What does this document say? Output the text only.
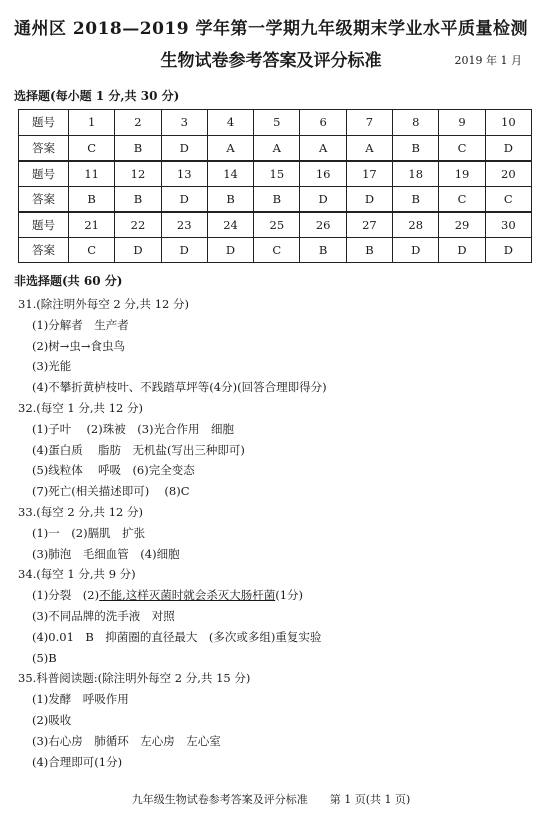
通州区 2018—2019 学年第一学期九年级期末学业水平质量检测
生物试卷参考答案及评分标准	2019 年 1 月
选择题(每小题 1 分,共 30 分)
题号	1	2	3	4	5	6	7	8	9	10
答案	C	B	D	A	A	A	A	B	C	D
题号	11	12	13	14	15	16	17	18	19	20
答案	B	B	D	B	B	D	D	B	C	C
题号	21	22	23	24	25	26	27	28	29	30
答案	C	D	D	D	C	B	B	D	D	D
非选择题(共 60 分)
31.(除注明外每空 2 分,共 12 分)
(1)分解者　生产者
(2)树→虫→食虫鸟
(3)光能
(4)不攀折黄栌枝叶、不践踏草坪等(4分)(回答合理即得分)
32.(每空 1 分,共 12 分)
(1)子叶　 (2)珠被　(3)光合作用　细胞
(4)蛋白质　 脂肪　无机盐(写出三种即可)
(5)线粒体　 呼吸　(6)完全变态
(7)死亡(相关描述即可)　 (8)C
33.(每空 2 分,共 12 分)
(1)一　(2)膈肌　扩张
(3)肺泡　毛细血管　(4)细胞
34.(每空 1 分,共 9 分)
(1)分裂　(2)不能,这样灭菌时就会杀灭大肠杆菌(1分)
(3)不同品牌的洗手液　对照
(4)0.01　B　抑菌圈的直径最大　(多次或多组)重复实验
(5)B
35.科普阅读题:(除注明外每空 2 分,共 15 分)
(1)发酵　呼吸作用
(2)吸收
(3)右心房　肺循环　左心房　左心室
(4)合理即可(1分)
九年级生物试卷参考答案及评分标准　　第 1 页(共 1 页)
